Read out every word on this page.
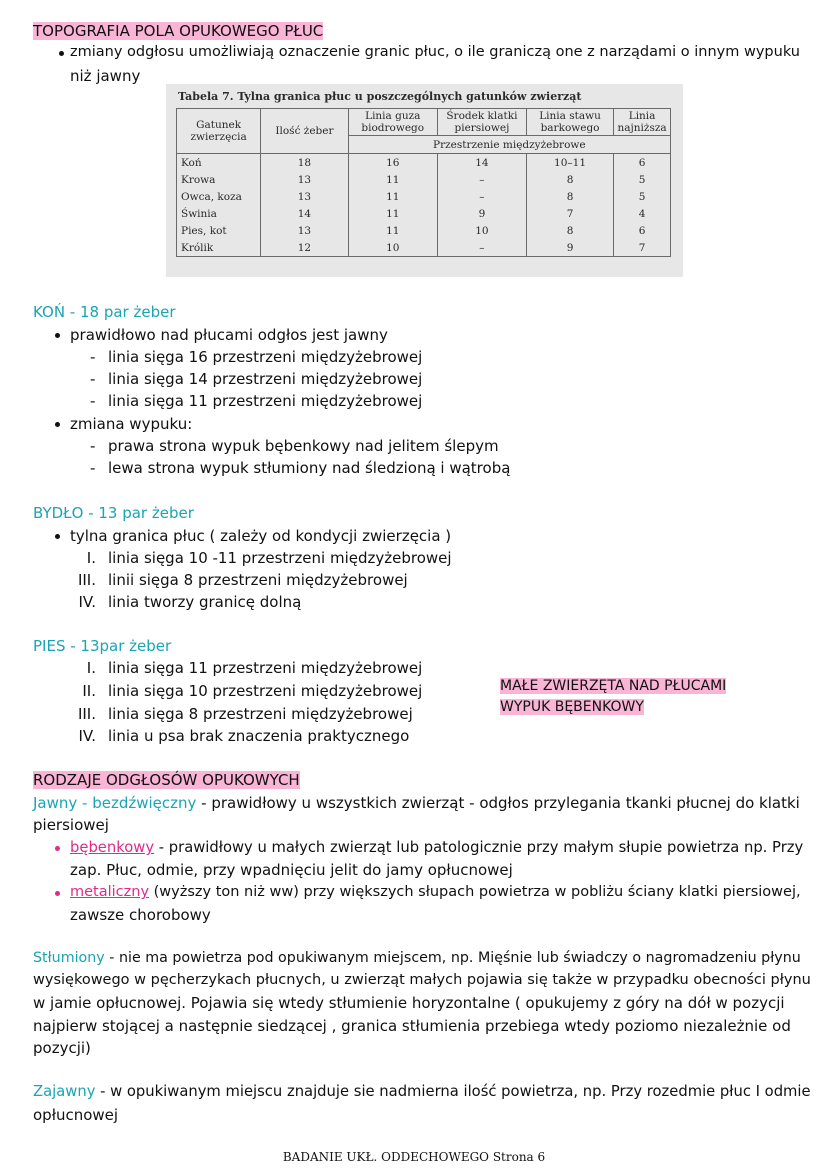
TOPOGRAFIA POLA OPUKOWEGO PŁUC
zmiany odgłosu umożliwiają oznaczenie granic płuc, o ile graniczą one z narządami o innym wypuku
niż jawny
Tabela 7. Tylna granica płuc u poszczególnych gatunków zwierząt
Gatunek zwierzęcia	Ilość żeber	Linia guza biodrowego	Środek klatki piersiowej	Linia stawu barkowego	Linia najniższa
		Przestrzenie międzyżebrowe			
Koń	18	16	14	10–11	6
Krowa	13	11	–	8	5
Owca, koza	13	11	–	8	5
Świnia	14	11	9	7	4
Pies, kot	13	11	10	8	6
Królik	12	10	–	9	7
KOŃ - 18 par żeber
prawidłowo nad płucami odgłos jest jawny
- linia sięga 16 przestrzeni międzyżebrowej
- linia sięga 14 przestrzeni międzyżebrowej
- linia sięga 11 przestrzeni międzyżebrowej
zmiana wypuku:
- prawa strona wypuk bębenkowy nad jelitem ślepym
- lewa strona wypuk stłumiony nad śledzioną i wątrobą
BYDŁO - 13 par żeber
tylna granica płuc ( zależy od kondycji zwierzęcia )
I. linia sięga 10 -11 przestrzeni międzyżebrowej
III. linii sięga 8 przestrzeni międzyżebrowej
IV. linia tworzy granicę dolną
PIES - 13par żeber
I. linia sięga 11 przestrzeni międzyżebrowej
II. linia sięga 10 przestrzeni międzyżebrowej
III. linia sięga 8 przestrzeni międzyżebrowej
IV. linia u psa brak znaczenia praktycznego
MAŁE ZWIERZĘTA NAD PŁUCAMI
WYPUK BĘBENKOWY
RODZAJE ODGŁOSÓW OPUKOWYCH
Jawny - bezdźwięczny - prawidłowy u wszystkich zwierząt - odgłos przylegania tkanki płucnej do klatki
piersiowej
bębenkowy - prawidłowy u małych zwierząt lub patologicznie przy małym słupie powietrza np. Przy
zap. Płuc, odmie, przy wpadnięciu jelit do jamy opłucnowej
metaliczny (wyższy ton niż ww) przy większych słupach powietrza w pobliżu ściany klatki piersiowej,
zawsze chorobowy
Stłumiony - nie ma powietrza pod opukiwanym miejscem, np. Mięśnie lub świadczy o nagromadzeniu płynu
wysiękowego w pęcherzykach płucnych, u zwierząt małych pojawia się także w przypadku obecności płynu
w jamie opłucnowej. Pojawia się wtedy stłumienie horyzontalne ( opukujemy z góry na dół w pozycji
najpierw stojącej a następnie siedzącej , granica stłumienia przebiega wtedy poziomo niezależnie od
pozycji)
Zajawny - w opukiwanym miejscu znajduje sie nadmierna ilość powietrza, np. Przy rozedmie płuc I odmie
opłucnowej
BADANIE UKŁ. ODDECHOWEGO Strona 6
